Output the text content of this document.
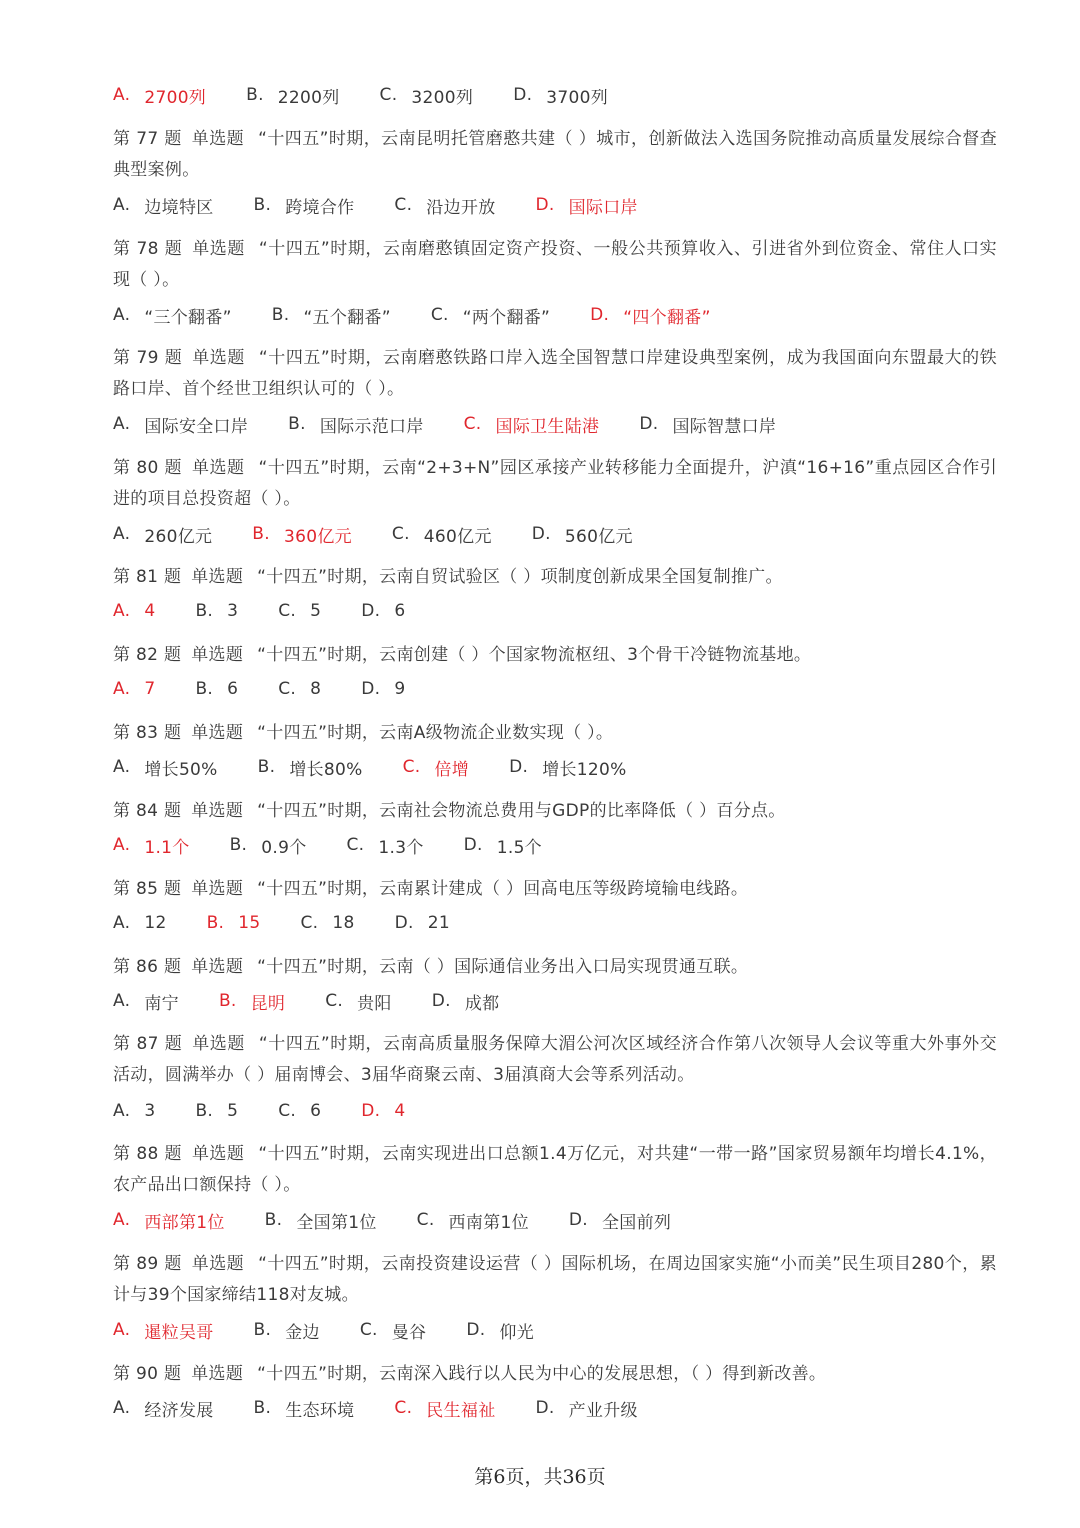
A. 2700列 B. 2200列 C. 3200列 D. 3700列
第 77 题 单选题 “十四五”时期，云南昆明托管磨憨共建（ ）城市，创新做法入选国务院推动高质量发展综合督查典型案例。
A. 边境特区 B. 跨境合作 C. 沿边开放 D. 国际口岸
第 78 题 单选题 “十四五”时期，云南磨憨镇固定资产投资、一般公共预算收入、引进省外到位资金、常住人口实现（ ）。
A. “三个翻番” B. “五个翻番” C. “两个翻番” D. “四个翻番”
第 79 题 单选题 “十四五”时期，云南磨憨铁路口岸入选全国智慧口岸建设典型案例，成为我国面向东盟最大的铁路口岸、首个经世卫组织认可的（ ）。
A. 国际安全口岸 B. 国际示范口岸 C. 国际卫生陆港 D. 国际智慧口岸
第 80 题 单选题 “十四五”时期，云南“2+3+N”园区承接产业转移能力全面提升，沪滇“16+16”重点园区合作引进的项目总投资超（ ）。
A. 260亿元 B. 360亿元 C. 460亿元 D. 560亿元
第 81 题 单选题 “十四五”时期，云南自贸试验区（ ）项制度创新成果全国复制推广。
A. 4 B. 3 C. 5 D. 6
第 82 题 单选题 “十四五”时期，云南创建（ ）个国家物流枢纽、3个骨干冷链物流基地。
A. 7 B. 6 C. 8 D. 9
第 83 题 单选题 “十四五”时期，云南A级物流企业数实现（ ）。
A. 增长50% B. 增长80% C. 倍增 D. 增长120%
第 84 题 单选题 “十四五”时期，云南社会物流总费用与GDP的比率降低（ ）百分点。
A. 1.1个 B. 0.9个 C. 1.3个 D. 1.5个
第 85 题 单选题 “十四五”时期，云南累计建成（ ）回高电压等级跨境输电线路。
A. 12 B. 15 C. 18 D. 21
第 86 题 单选题 “十四五”时期，云南（ ）国际通信业务出入口局实现贯通互联。
A. 南宁 B. 昆明 C. 贵阳 D. 成都
第 87 题 单选题 “十四五”时期，云南高质量服务保障大湄公河次区域经济合作第八次领导人会议等重大外事外交活动，圆满举办（ ）届南博会、3届华商聚云南、3届滇商大会等系列活动。
A. 3 B. 5 C. 6 D. 4
第 88 题 单选题 “十四五”时期，云南实现进出口总额1.4万亿元，对共建“一带一路”国家贸易额年均增长4.1%，农产品出口额保持（ ）。
A. 西部第1位 B. 全国第1位 C. 西南第1位 D. 全国前列
第 89 题 单选题 “十四五”时期，云南投资建设运营（ ）国际机场，在周边国家实施“小而美”民生项目280个，累计与39个国家缔结118对友城。
A. 暹粒吴哥 B. 金边 C. 曼谷 D. 仰光
第 90 题 单选题 “十四五”时期，云南深入践行以人民为中心的发展思想，（ ）得到新改善。
A. 经济发展 B. 生态环境 C. 民生福祉 D. 产业升级
第6页，共36页
